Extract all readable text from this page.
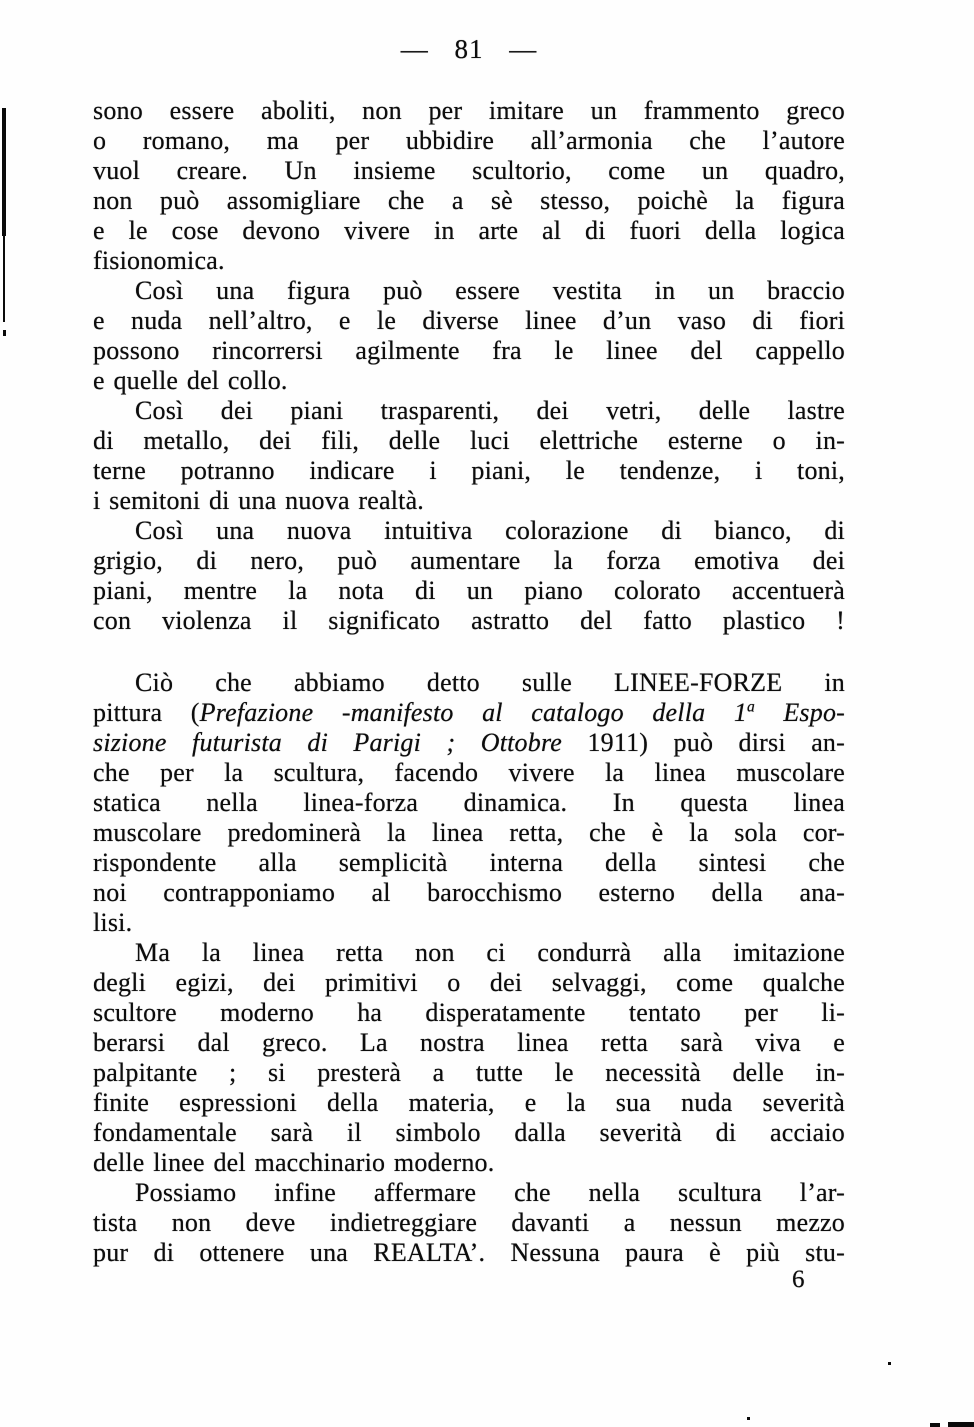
— 81 —

sono essere aboliti, non per imitare un frammento greco
o romano, ma per ubbidire all’armonia che l’autore
vuol creare. Un insieme scultorio, come un quadro,
non può assomigliare che a sè stesso, poichè la figura
e le cose devono vivere in arte al di fuori della logica
fisionomica.

Così una figura può essere vestita in un braccio
e nuda nell’altro, e le diverse linee d’un vaso di fiori
possono rincorrersi agilmente fra le linee del cappello
e quelle del collo.

Così dei piani trasparenti, dei vetri, delle lastre
di metallo, dei fili, delle luci elettriche esterne o in-
terne potranno indicare i piani, le tendenze, i toni,
i semitoni di una nuova realtà.

Così una nuova intuitiva colorazione di bianco, di
grigio, di nero, può aumentare la forza emotiva dei
piani, mentre la nota di un piano colorato accentuerà
con violenza il significato astratto del fatto plastico !

Ciò che abbiamo detto sulle LINEE-FORZE in
pittura (Prefazione -manifesto al catalogo della 1$^a$ Espo-
sizione futurista di Parigi ; Ottobre 1911) può dirsi an-
che per la scultura, facendo vivere la linea muscolare
statica nella linea-forza dinamica. In questa linea
muscolare predominerà la linea retta, che è la sola cor-
rispondente alla semplicità interna della sintesi che
noi contrapponiamo al barocchismo esterno della ana-
lisi.

Ma la linea retta non ci condurrà alla imitazione
degli egizi, dei primitivi o dei selvaggi, come qualche
scultore moderno ha disperatamente tentato per li-
berarsi dal greco. La nostra linea retta sarà viva e
palpitante ; si presterà a tutte le necessità delle in-
finite espressioni della materia, e la sua nuda severità
fondamentale sarà il simbolo dalla severità di acciaio
delle linee del macchinario moderno.

Possiamo infine affermare che nella scultura l’ar-
tista non deve indietreggiare davanti a nessun mezzo
pur di ottenere una REALTA’. Nessuna paura è più stu-

6
